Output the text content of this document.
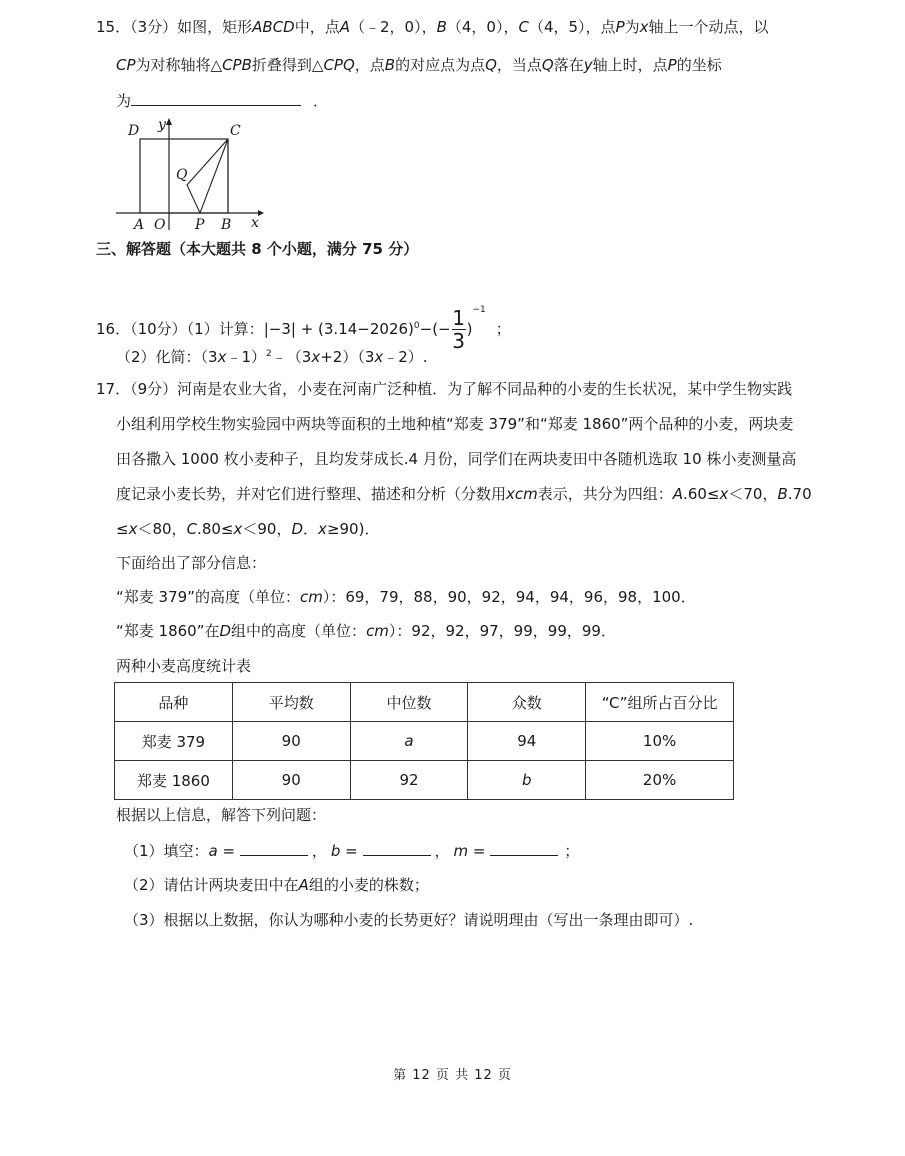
15．（3分）如图，矩形ABCD中，点A（﹣2，0），B（4，0），C（4，5），点P为x轴上一个动点，以
CP为对称轴将△CPB折叠得到△CPQ，点B的对应点为点Q，当点Q落在y轴上时，点P的坐标
为	．
D y	C
Q
A O P B x
三、解答题（本大题共 8 个小题，满分 75 分）
16．（10分）（1）计算：$|-3| + (3.14-2026)^0-(- \frac{1}{3} )^{-1}$；
（2）化简：（3x﹣1）$^2$﹣（3x+2）（3x﹣2）.
17．（9分）河南是农业大省，小麦在河南广泛种植．为了解不同品种的小麦的生长状况，某中学生物实践
小组利用学校生物实验园中两块等面积的土地种植“郑麦 379”和“郑麦 1860”两个品种的小麦，两块麦
田各撒入 1000 枚小麦种子，且均发芽成长.4 月份，同学们在两块麦田中各随机选取 10 株小麦测量高
度记录小麦长势，并对它们进行整理、描述和分析（分数用xcm表示，共分为四组：A.60≤x＜70，B.70
≤x＜80，C.80≤x＜90，D．x≥90)．
下面给出了部分信息：
“郑麦 379”的高度（单位：cm）：69，79，88，90，92，94，94，96，98，100．
“郑麦 1860”在D组中的高度（单位：cm）：92，92，97，99，99，99．
两种小麦高度统计表
品种	平均数	中位数	众数	“C”组所占百分比
郑麦 379	90	a	94	10%
郑麦 1860	90	92	b	20%
根据以上信息，解答下列问题：
（1）填空：a =	， b =	， m =	；
（2）请估计两块麦田中在A组的小麦的株数；
（3）根据以上数据，你认为哪种小麦的长势更好？请说明理由（写出一条理由即可）.
第 12 页 共 12 页
